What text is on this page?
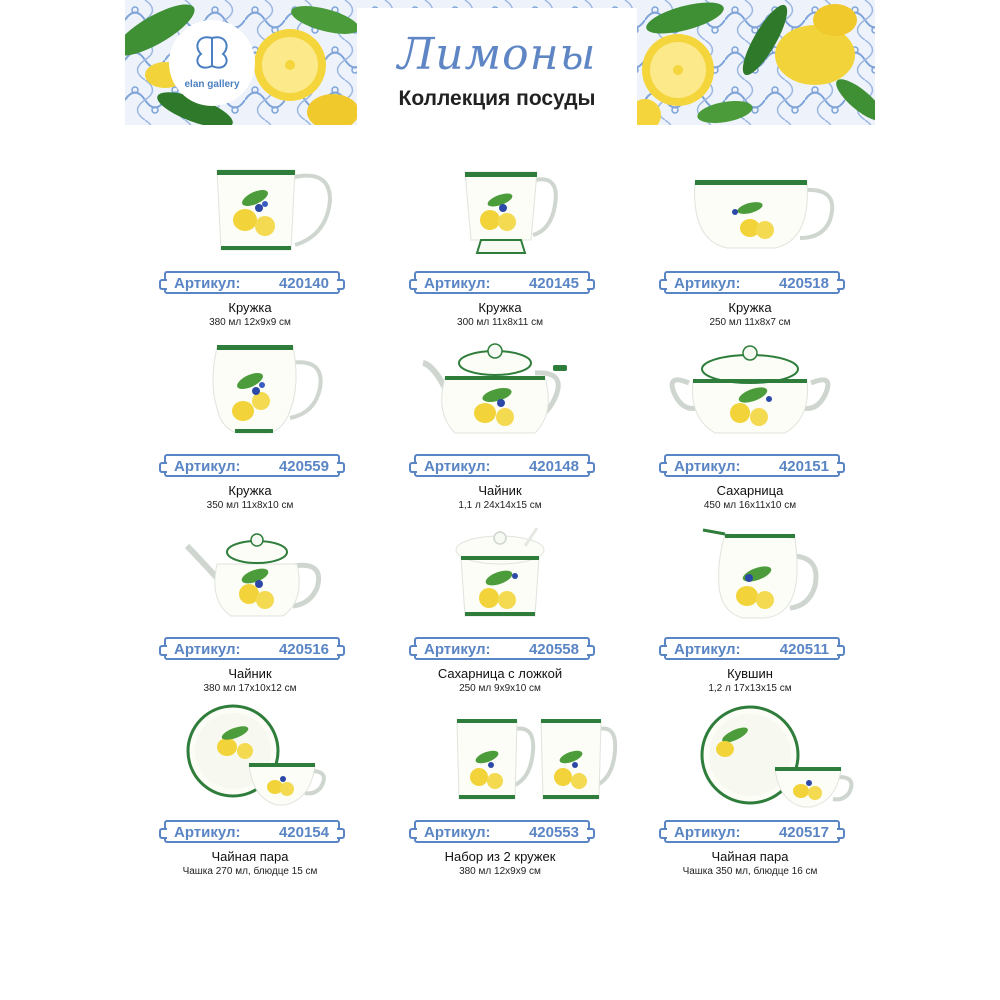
elan gallery
Лимоны
Коллекция посуды
Артикул:	420140
Кружка
380 мл 12x9x9 см
Артикул:	420145
Кружка
300 мл 11x8x11 см
Артикул:	420518
Кружка
250 мл 11x8x7 см
Артикул:	420559
Кружка
350 мл 11x8x10 см
Артикул:	420148
Чайник
1,1 л 24x14x15 см
Артикул:	420151
Сахарница
450 мл 16x11x10 см
Артикул:	420516
Чайник
380 мл 17x10x12 см
Артикул:	420558
Сахарница с ложкой
250 мл 9x9x10 см
Артикул:	420511
Кувшин
1,2 л 17x13x15 см
Артикул:	420154
Чайная пара
Чашка 270 мл, блюдце 15 см
Артикул:	420553
Набор из 2 кружек
380 мл 12x9x9 см
Артикул:	420517
Чайная пара
Чашка 350 мл, блюдце 16 см
